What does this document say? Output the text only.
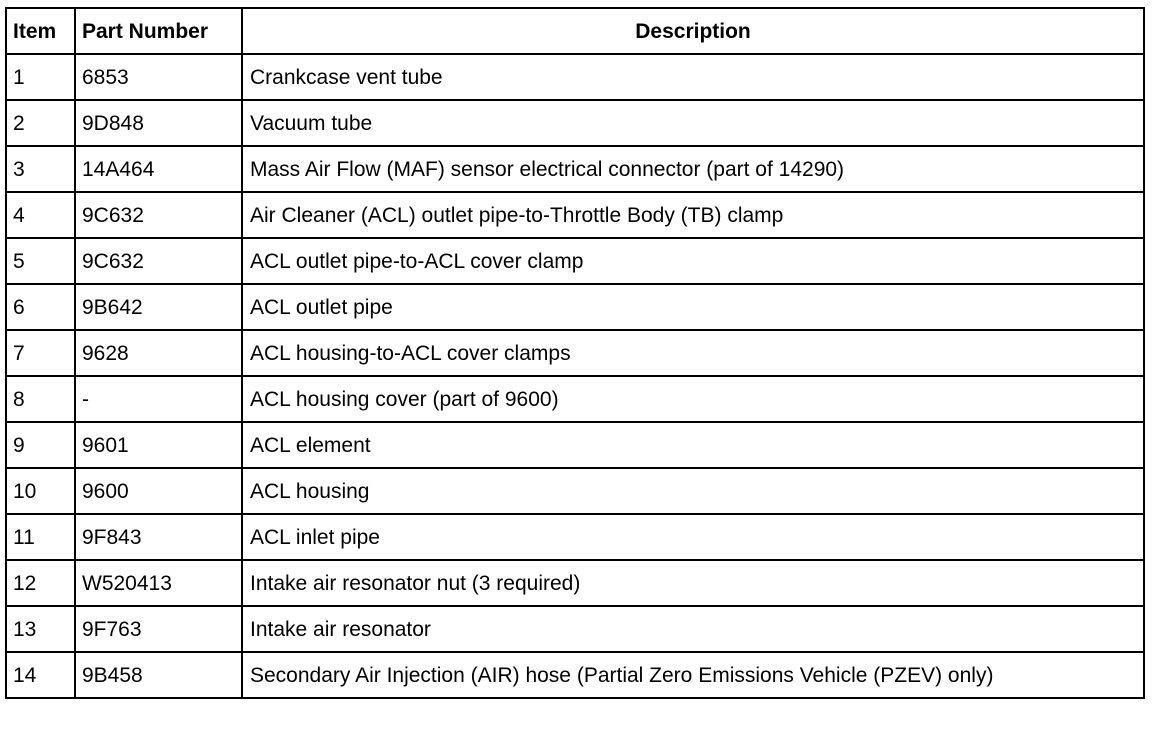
Item	Part Number	Description
1	6853	Crankcase vent tube
2	9D848	Vacuum tube
3	14A464	Mass Air Flow (MAF) sensor electrical connector (part of 14290)
4	9C632	Air Cleaner (ACL) outlet pipe-to-Throttle Body (TB) clamp
5	9C632	ACL outlet pipe-to-ACL cover clamp
6	9B642	ACL outlet pipe
7	9628	ACL housing-to-ACL cover clamps
8	-	ACL housing cover (part of 9600)
9	9601	ACL element
10	9600	ACL housing
11	9F843	ACL inlet pipe
12	W520413	Intake air resonator nut (3 required)
13	9F763	Intake air resonator
14	9B458	Secondary Air Injection (AIR) hose (Partial Zero Emissions Vehicle (PZEV) only)
